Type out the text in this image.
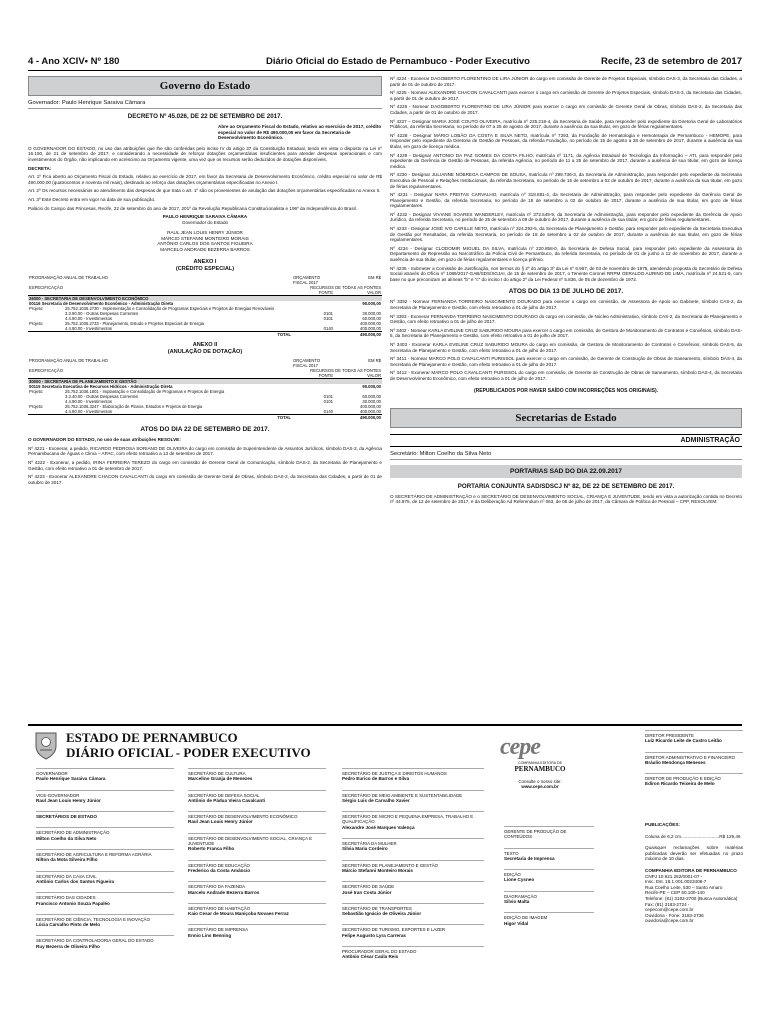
4 - Ano XCIV• Nº 180	Diário Oficial do Estado de Pernambuco - Poder Executivo	Recife, 23 de setembro de 2017
Governo do Estado
Governador: Paulo Henrique Saraiva Câmara
DECRETO Nº 45.026, DE 22 DE SETEMBRO DE 2017.

Abre ao Orçamento Fiscal do Estado, relativo ao exercício de 2017, crédito especial no valor de R$ 490.000,00 em favor da Secretaria de Desenvolvimento Econômico.

O GOVERNADOR DO ESTADO, no uso das atribuições que lhe são conferidas pelo inciso IV do artigo 37 da Constituição Estadual, tendo em vista o disposto na Lei nº 16.150, de 21 de setembro de 2017, e considerando a necessidade de reforçar dotações orçamentárias insuficientes para atender despesas operacionais e com investimentos do Órgão, não implicando em acréscimo ao Orçamento vigente, uma vez que os recursos serão deduzidos de dotações disponíveis,

DECRETA:

Art. 1º Fica aberto ao Orçamento Fiscal do Estado, relativo ao exercício de 2017, em favor da Secretaria de Desenvolvimento Econômico, crédito especial no valor de R$ 490.000,00 (quatrocentos e noventa mil reais), destinado ao reforço das dotações orçamentárias especificadas no Anexo I.

Art. 2º Os recursos necessários ao atendimento das despesas de que trata o art. 1º são os provenientes de anulação das dotações orçamentárias especificadas no Anexo II.

Art. 3º Este Decreto entra em vigor na data de sua publicação.

Palácio do Campo das Princesas, Recife, 22 de setembro do ano de 2017, 201º da Revolução Republicana Constitucionalista e 196º da Independência do Brasil.

PAULO HENRIQUE SARAIVA CÂMARA
Governador do Estado
RAUL JEAN LOUIS HENRY JÚNIOR
MÁRCIO STEFANNI MONTEIRO MORAIS
ANTÔNIO CARLOS DOS SANTOS FIGUEIRA
MARCELO ANDRADE BEZERRA BARROS
ANEXO I
(CRÉDITO ESPECIAL)
PROGRAMAÇÃO ANUAL DE TRABALHO		ORÇAMENTO FISCAL 2017	EM R$
ESPECIFICAÇÃO		RECURSOS DE TODAS AS FONTES	
		FONTE	VALOR
26000 - SECRETARIA DE DESENVOLVIMENTO ECONÔMICO			
00116 Secretaria de Desenvolvimento Econômico - Administração Direta			90.000,00
Projeto:	25.752.1036.2730 - Implementação e Consolidação de Programas Especiais e Projetos de Energias Renováveis		
	3.3.90.00 - Outras Despesas Correntes	0101	30.000,00
	4.4.90.00 - Investimentos	0101	60.000,00
Projeto:	25.752.1036.2733 - Planejamento, Estudo e Projetos Especiais de Energia		400.000,00
	4.4.90.00 - Investimentos	0140	400.000,00
	TOTAL		490.000,00
ANEXO II
(ANULAÇÃO DE DOTAÇÃO)
PROGRAMAÇÃO ANUAL DE TRABALHO		ORÇAMENTO FISCAL 2017	EM R$
ESPECIFICAÇÃO		RECURSOS DE TODAS AS FONTES	
		FONTE	VALOR
30000 - SECRETARIA DE PLANEJAMENTO E GESTÃO			
00115 Secretaria Executiva de Recursos Hídricos - Administração Direta			90.000,00
Projeto:	25.752.1036.1801 - Implantação e Consolidação de Programas e Projetos de Energia		
	3.3.40.00 - Outras Despesas Correntes	0101	60.000,00
	4.4.90.00 - Investimentos	0101	30.000,00
Projeto:	25.752.1036.3247 - Elaboração de Planos, Estudos e Projetos de Energia		400.000,00
	4.4.90.00 - Investimentos	0140	400.000,00
	TOTAL		490.000,00
ATOS DO DIA 22 DE SETEMBRO DE 2017.

O GOVERNADOR DO ESTADO, no uso de suas atribuições RESOLVE:

Nº 4221 - Exonerar, a pedido, RICARDO PEDROSA SORIANO DE OLIVEIRA do cargo em comissão de Superintendente de Assuntos Jurídicos, símbolo DAS-3, da Agência Pernambucana de Águas e Clima – APAC, com efeito retroativo a 13 de setembro de 2017.

Nº 4222 - Exonerar, a pedido, IRINA FERREIRA TEREZO do cargo em comissão de Gerente Geral de Comunicação, símbolo DAS-2, da Secretaria de Planejamento e Gestão, com efeito retroativo a 01 de setembro de 2017.

Nº 4223 - Exonerar ALEXANDRE CHACON CAVALCANTI do cargo em comissão de Gerente Geral de Obras, símbolo DAS-2, da Secretaria das Cidades, a partir de 01 de outubro de 2017.

Nº 4224 - Exonerar DAGOBERTO FLORENTINO DE LIRA JÚNIOR do cargo em comissão de Gerente de Projetos Especiais, símbolo DAS-3, da Secretaria das Cidades, a partir de 01 de outubro de 2017.

Nº 4225 - Nomear ALEXANDRE CHACON CAVALCANTI para exercer o cargo em comissão de Gerente de Projetos Especiais, símbolo DAS-3, da Secretaria das Cidades, a partir de 01 de outubro de 2017.

Nº 4226 - Nomear DAGOBERTO FLORENTINO DE LIRA JÚNIOR para exercer o cargo em comissão de Gerente Geral de Obras, símbolo DAS-2, da Secretaria das Cidades, a partir de 01 de outubro de 2017.

Nº 4227 – Designar MARIA JOSÉ COUTO OLIVEIRA, matrícula nº 235.218-4, da Secretaria de Saúde, para responder pelo expediente da Diretoria Geral de Laboratórios Públicos, da referida Secretaria, no período de 07 a 25 de agosto de 2017, durante a ausência da sua titular, em gozo de férias regulamentares.

Nº 4228 - Designar MÁRIO LOBÃO DA COSTA E SILVA NETO, matrícula nº 7293, da Fundação de Hematologia e Hemoterapia de Pernambuco - HEMOPE, para responder pelo expediente da Diretoria de Gestão de Pessoas, da referida Fundação, no período de 15 de agosto a 28 de setembro de 2017, durante a ausência da sua titular, em gozo de licença médica.

Nº 4229 - Designar ANTONIO DA PAZ GOMES DA COSTA FILHO, matrícula nº 1171, da Agência Estadual de Tecnologia da Informação – ATI, para responder pelo expediente da Gerência de Gestão de Pessoas, da referida Agência, no período de 11 a 25 de setembro de 2017, durante a ausência de sua titular, em gozo de licença médica.

Nº 4230 - Designar JULIANNE NÓBREGA CAMPOS DE SOUSA, matrícula nº 299.736-3, da Secretaria de Administração, para responder pelo expediente da Secretaria Executiva de Pessoal e Relações Institucionais, da referida Secretaria, no período de 15 de setembro a 02 de outubro de 2017, durante a ausência da sua titular, em gozo de férias regulamentares.

Nº 4231 - Designar NARA FREITAS CARVALHO, matrícula nº 318.881-4, da Secretaria de Administração, para responder pelo expediente da Gerência Geral de Planejamento e Gestão, da referida Secretaria, no período de 18 de setembro a 02 de outubro de 2017, durante a ausência de sua titular, em gozo de férias regulamentares.

Nº 4232 - Designar VIVIANE SOARES WANDERLEY, matrícula nº 372.549-9, da Secretaria de Administração, para responder pelo expediente da Gerência de Apoio Jurídico, da referida Secretaria, no período de 25 de setembro a 09 de outubro de 2017, durante a ausência de sua titular, em gozo de férias regulamentares.

Nº 4233 - Designar JOSÉ IVO CARILLE NETO, matrícula nº 324.293-5, da Secretaria de Planejamento e Gestão, para responder pelo expediente da Secretaria Executiva de Gestão por Resultados, da referida Secretaria, no período de 18 de setembro a 02 de outubro de 2017, durante a ausência de sua titular, em gozo de férias regulamentares.

Nº 4234 - Designar CLODOMIR MIGUEL DA SILVA, matrícula nº 220.858-0, da Secretaria de Defesa Social, para responder pelo expediente da Assessoria do Departamento de Repressão ao Narcotráfico da Polícia Civil de Pernambuco, da referida Secretaria, no período de 01 de junho a 12 de novembro de 2017, durante a ausência de sua titular, em gozo de férias regulamentares e licença prêmio.

Nº 4235 - Submeter a Comissão de Justificação, nos termos do § 2º do artigo 3º da Lei nº 6.957, de 03 de novembro de 1975, atendendo proposta do Secretário de Defesa Social através do Ofício nº 1089/2017-GAB/SDS/SGJAI, de 15 de setembro de 2017, o Tenente Coronel RRPM GERALDO AURINO DE LIMA, matrícula nº 24.521-5, com base no que preconizam as alíneas "b" e "c" do inciso I do artigo 2º da Lei Federal nº 5.836, de 05 de dezembro de 1972.

ATOS DO DIA 13 DE JULHO DE 2017.

Nº 3392 - Nomear FERNANDA TORREIRO NASCIMENTO DOURADO para exercer o cargo em comissão, de Assessora de Apoio ao Gabinete, símbolo CAS-2, da Secretaria de Planejamento e Gestão, com efeito retroativo a 01 de julho de 2017.

Nº 3393 - Exonerar FERNANDA TORREIRO NASCIMENTO DOURADO do cargo em comissão, de Núcleo Administrativo, símbolo CAS-2, da Secretaria de Planejamento e Gestão, com efeito retroativo a 01 de julho de 2017.

Nº 3402 - Nomear KARLA EVELINE CRUZ SABURIDO MOURA para exercer o cargo em comissão, de Gestora de Monitoramento de Contratos e Convênios, símbolo DAS-5, da Secretaria de Planejamento e Gestão, com efeito retroativo a 01 de julho de 2017.

Nº 3403 - Exonerar KARLA EVELINE CRUZ SABURIDO MOURA do cargo em comissão, de Gestora de Monitoramento de Contratos e Convênios, símbolo DAS-5, da Secretaria de Planejamento e Gestão, com efeito retroativo a 01 de julho de 2017.

Nº 3411 - Nomear MARCO POLO CAVALCANTI PURISSOL para exercer o cargo em comissão, de Gerente de Construção de Obras de Saneamento, símbolo DAS-4, da Secretaria de Planejamento e Gestão, com efeito retroativo a 01 de julho de 2017.

Nº 3412 - Exonerar MARCO POLO CAVALCANTI PURISSOL do cargo em comissão, de Gerente de Construção de Obras de Saneamento, símbolo DAS-4, da Secretaria de Desenvolvimento Econômico, com efeito retroativo a 01 de julho de 2017.

(REPUBLICADOS POR HAVER SAÍDO COM INCORREÇÕES NOS ORIGINAIS).
Secretarias de Estado
ADMINISTRAÇÃO
Secretário: Milton Coelho da Silva Neto
PORTARIAS SAD DO DIA 22.09.2017
PORTARIA CONJUNTA SAD/SDSCJ Nº 82, DE 22 DE SETEMBRO DE 2017.

O SECRETÁRIO DE ADMINISTRAÇÃO e o SECRETÁRIO DE DESENVOLVIMENTO SOCIAL, CRIANÇA E JUVENTUDE, tendo em vista a autorização contida no Decreto nº 44.975, de 12 de setembro de 2017, e da Deliberação Ad Referendum nº 063, de 06 de julho de 2017, da Câmara de Política de Pessoal – CPP, RESOLVEM:

ESTADO DE PERNAMBUCO
DIÁRIO OFICIAL - PODER EXECUTIVO
GOVERNADOR
Paulo Henrique Saraiva Câmara
VICE-GOVERNADOR
Raul Jean Louis Henry Júnior
SECRETÁRIOS DE ESTADO
SECRETÁRIO DE ADMINISTRAÇÃO
Milton Coelho da Silva Neto
SECRETÁRIO DE AGRICULTURA E REFORMA AGRÁRIA
Nilton da Mota Silveira Filho
SECRETÁRIO DA CASA CIVIL
Antônio Carlos dos Santos Figueira
SECRETÁRIO DAS CIDADES
Francisco Antonio Souza Papaléo
SECRETÁRIO DE CIÊNCIA, TECNOLOGIA E INOVAÇÃO
Lúcia Carvalho Pinto de Melo
SECRETÁRIO DA CONTROLADORIA GERAL DO ESTADO
Ruy Bezerra de Oliveira Filho
SECRETÁRIO DE CULTURA
Marcelino Granja de Menezes
SECRETÁRIO DE DEFESA SOCIAL
Antônio de Pádua Vieira Cavalcanti
SECRETÁRIO DE DESENVOLVIMENTO ECONÔMICO
Raul Jean Louis Henry Júnior
SECRETÁRIO DE DESENVOLVIMENTO SOCIAL, CRIANÇA E JUVENTUDE
Roberto Franca Filho
SECRETÁRIO DE EDUCAÇÃO
Frederico da Costa Amâncio
SECRETÁRIO DA FAZENDA
Marcelo Andrade Bezerra Barros
SECRETÁRIO DE HABITAÇÃO
Kaio Cesar de Moura Maniçoba Novaes Ferraz
SECRETÁRIO DE IMPRENSA
Ennio Lins Benning
SECRETÁRIO DE JUSTIÇA E DIREITOS HUMANOS
Pedro Eurico de Barros e Silva
SECRETÁRIO DE MEIO AMBIENTE E SUSTENTABILIDADE
Sérgio Luis de Carvalho Xavier
SECRETÁRIO DE MICRO E PEQUENA EMPRESA, TRABALHO E QUALIFICAÇÃO
Alexandre José Marques Valença
SECRETÁRIA DA MULHER
Silvia Maria Cordeiro
SECRETÁRIO DE PLANEJAMENTO E GESTÃO
Márcio Stefanni Monteiro Morais
SECRETÁRIO DE SAÚDE
José Iran Costa Júnior
SECRETÁRIO DE TRANSPORTES
Sebastião Ignácio de Oliveira Júnior
SECRETÁRIO DE TURISMO, ESPORTES E LAZER
Felipe Augusto Lyra Carreras
PROCURADOR GERAL DO ESTADO
Antônio César Caúla Reis
cepe
COMPANHIA EDITORA DE
PERNAMBUCO
Consulte o nosso site:
www.cepe.com.br
GERENTE DE PRODUÇÃO DE CONTEÚDOS
TEXTO
Secretaria de Imprensa
EDIÇÃO
Lione Cysneo
DIAGRAMAÇÃO
Silvio Malta
EDIÇÃO DE IMAGEM
Higor Vidal
DIRETOR PRESIDENTE
Luiz Ricardo Leite de Castro Leitão
DIRETOR ADMINISTRATIVO E FINANCEIRO
Bráulio Mendonça Meneses
DIRETOR DE PRODUÇÃO E EDIÇÃO
Ediron Ricardo Teixeira de Melo
PUBLICAÇÕES:
Coluna de 6,2 cm..............................R$ 129,46
Quaisquer reclamações sobre matérias publicadas deverão ser efetuadas no prazo máximo de 10 dias.
COMPANHIA EDITORA DE PERNAMBUCO
CNPJ 10.921.252/0001-07 -
Insc. Est. 18.1.001.0023408-7
Rua Coelho Leite, 530 – Santo Amaro
Recife-PE – CEP 50.100-140
Telefone: (81) 3183-2700 (Busca Automática)
Fax: (81) 3183-2724 -
cepecom@cepe.com.br
Ouvidoria - Fone: 3183-2736
ouvidoria@cepe.com.br
